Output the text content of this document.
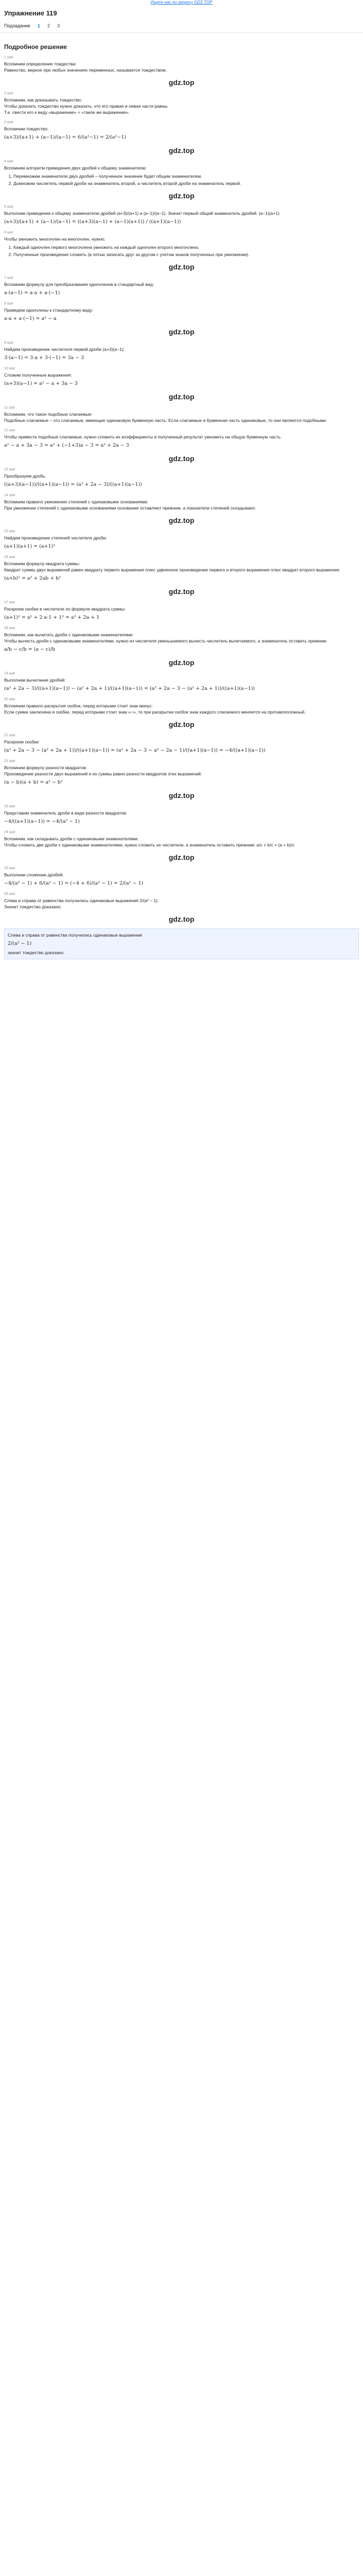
Ищете нас по запросу GDZ.TOP
Упражнение 119
Подзадание 1 2 3
Подробное решение
1 шаг
Вспомним определение тождества:
Равенство, верное при любых значениях переменных, называется тождеством.
gdz.top
2 шаг
Вспомним, как доказывать тождество:
Чтобы доказать тождество нужно доказать, что его правая и левая части равны.
Т.е. свести его к виду «выражение» = «такое же выражение».
3 шаг
Вспомним тождество:
(a+3)/(a+1) + (a−1)/(a−1) = 6/(a²−1) = 2/(a²−1)
gdz.top
4 шаг
Вспомним алгоритм приведения двух дробей к общему знаменателю:
1. Перемножим знаменатели двух дробей – полученное значение будет общим знаменателем.
2. Домножим числитель первой дроби на знаменатель второй, а числитель второй дроби на знаменатель первой.
gdz.top
5 шаг
Выполним приведение к общему знаменателю дробей (a+3)/(a+1) и (a−1)/(a−1). Значит первый общий знаменатель дробей: (a−1)(a+1)
(a+3)/(a+1) + (a−1)/(a−1) = ((a+3)(a−1) + (a−1)(a+1)) / ((a+1)(a−1))
6 шаг
Чтобы умножить многочлен на многочлен, нужно:
1. Каждый одночлен первого многочлена умножить на каждый одночлен второго многочлена.
2. Полученные произведения сложить (в пятью записать друг за другом с учетом знаков полученных при умножении).
gdz.top
7 шаг
Вспомним формулу для преобразования одночленов в стандартный вид:
a·(a−1) = a·a + a·(−1)
8 шаг
Приведем одночлены к стандартному виду:
a·a + a·(−1) = a² − a
gdz.top
9 шаг
Найдем произведение числителя первой дроби (a+3)(a−1):
3·(a−1) = 3·a + 3·(−1) = 3a − 3
10 шаг
Сложим полученные выражения:
(a+3)(a−1) = a² − a + 3a − 3
gdz.top
11 шаг
Вспомним, что такое подобные слагаемые:
Подобные слагаемые – это слагаемые, имеющие одинаковую буквенную часть. Если слагаемые и буквенная часть одинаковые, то они являются подобными.
12 шаг
Чтобы привести подобные слагаемые, нужно сложить их коэффициенты и полученный результат умножить на общую буквенную часть.
a² − a + 3a − 3 = a² + (−1+3)a − 3 = a² + 2a − 3
gdz.top
13 шаг
Преобразуем дробь:
((a+3)(a−1))/((a+1)(a−1)) = (a² + 2a − 3)/((a+1)(a−1))
14 шаг
Вспомним правило умножения степеней с одинаковыми основаниями:
При умножении степеней с одинаковыми основаниями основание оставляют прежним, а показатели степеней складывают.
gdz.top
15 шаг
Найдем произведение степеней числителя дроби:
(a+1)(a+1) = (a+1)²
16 шаг
Вспомним формулу квадрата суммы:
Квадрат суммы двух выражений равен квадрату первого выражения плюс удвоенное произведение первого и второго выражения плюс квадрат второго выражения.
(a+b)² = a² + 2ab + b²
gdz.top
17 шаг
Раскроем скобки в числителе по формуле квадрата суммы:
(a+1)² = a² + 2·a·1 + 1² = a² + 2a + 1
18 шаг
Вспомним, как вычитать дроби с одинаковыми знаменателями:
Чтобы вычесть дроби с одинаковыми знаменателями, нужно из числителя уменьшаемого вычесть числитель вычитаемого, а знаменатель оставить прежним.
a/b − c/b = (a − c)/b
gdz.top
19 шаг
Выполним вычитание дробей:
(a² + 2a − 3)/((a+1)(a−1)) − (a² + 2a + 1)/((a+1)(a−1)) = (a² + 2a − 3 − (a² + 2a + 1))/((a+1)(a−1))
20 шаг
Вспомним правило раскрытия скобок, перед которыми стоит знак минус:
Если сумма заключена в скобки, перед которыми стоит знак «−», то при раскрытии скобок знак каждого слагаемого меняется на противоположный.
gdz.top
21 шаг
Раскроем скобки:
(a² + 2a − 3 − (a² + 2a + 1))/((a+1)(a−1)) = (a² + 2a − 3 − a² − 2a − 1)/((a+1)(a−1)) = −4/((a+1)(a−1))
22 шаг
Вспомним формулу разности квадратов:
Произведение разности двух выражений и их суммы равно разности квадратов этих выражений.
(a − b)(a + b) = a² − b²
gdz.top
23 шаг
Представим знаменатель дроби в виде разности квадратов:
−4/((a+1)(a−1)) = −4/(a² − 1)
24 шаг
Вспомним, как складывать дроби с одинаковыми знаменателями:
Чтобы сложить две дроби с одинаковыми знаменателями, нужно сложить их числители, а знаменатель оставить прежним: a/c + b/c = (a + b)/c
gdz.top
25 шаг
Выполним сложение дробей:
−4/(a² − 1) + 6/(a² − 1) = (−4 + 6)/(a² − 1) = 2/(a² − 1)
26 шаг
Слева и справа от равенства получились одинаковые выражения 2/(a² − 1).
Значит тождество доказано.
gdz.top
Слева и справа от равенства получились одинаковые выражения
2/(a² − 1)
значит тождество доказано.
